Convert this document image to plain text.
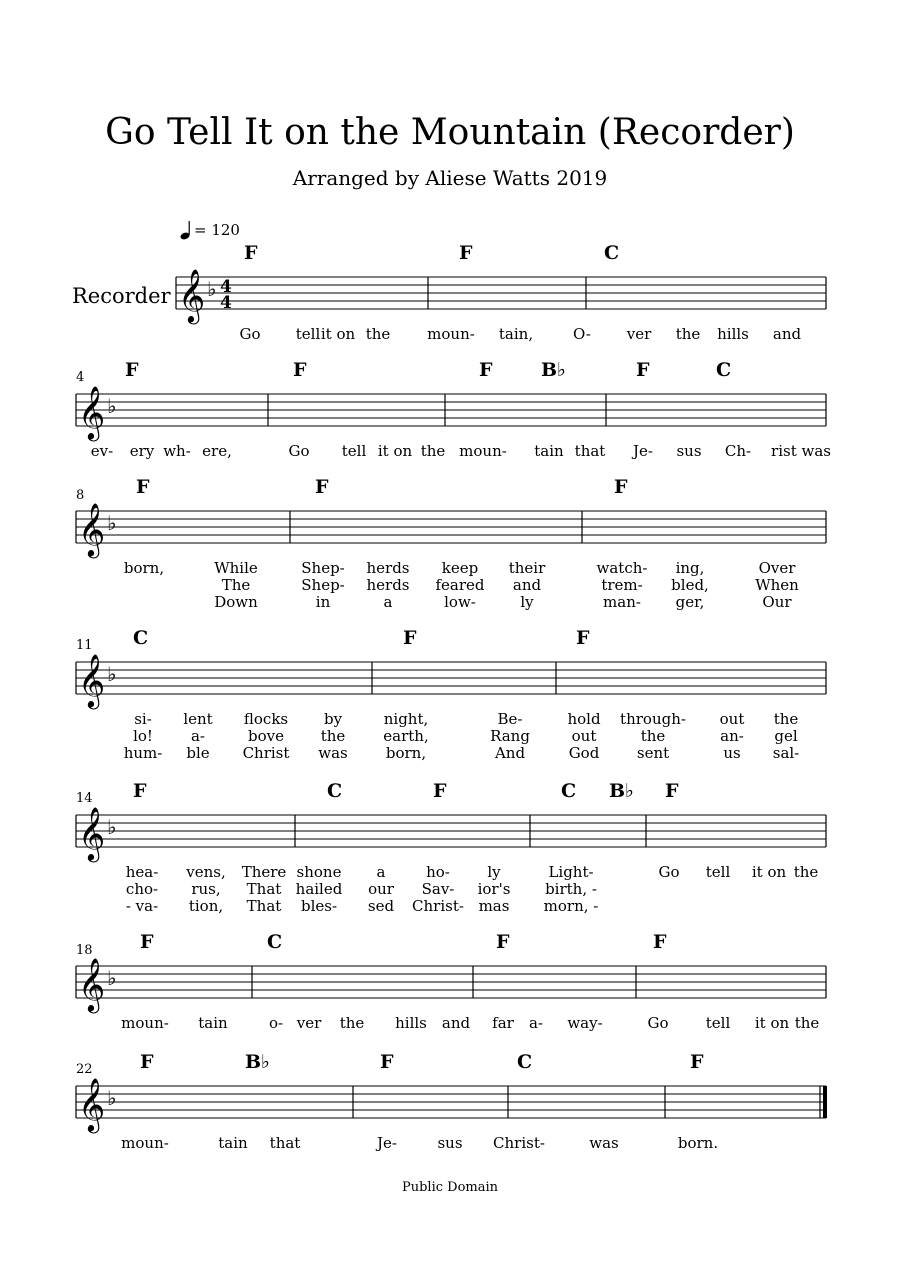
Go Tell It on the Mountain (Recorder)
Arranged by Aliese Watts 2019
= 120
Recorder
Public Domain
𝄞 ♭ 4
4
𝄞 ♭
𝄞 ♭
𝄞 ♭
𝄞 ♭
𝄞 ♭
𝄞 ♭
F	F	C
Go tell it on the moun- tain,	O- ver the hills and
4 F	F	F	B♭	F	C
ev- ery wh- ere,	Go tell it on the moun- tain that Je- sus Ch- rist was
8	F	F	F
born,	While	Shep- herds keep their	watch- ing,	Over
The	Shep- herds feared and	trem- bled,	When
Down	in	a	low-	ly	man- ger,	Our
11 C	F	F
si- lent flocks by	night,	Be-	hold through- out the
lo!	a-	bove the	earth,	Rang	out	the	an- gel
hum- ble Christ was	born,	And	God	sent	us sal-
14 F	C	F	C B♭ F
hea- vens, There shone a	ho- ly	Light-	Go tell it on the
cho- rus, That hailed our Sav- ior's birth, -
- va- tion, That bles- sed Christ- mas morn, -
18 F	C	F	F
moun- tain	o- ver the hills and far a- way-	Go tell it on the
22 F	B♭	F	C	F
moun-	tain that	Je-	sus Christ-	was	born.
